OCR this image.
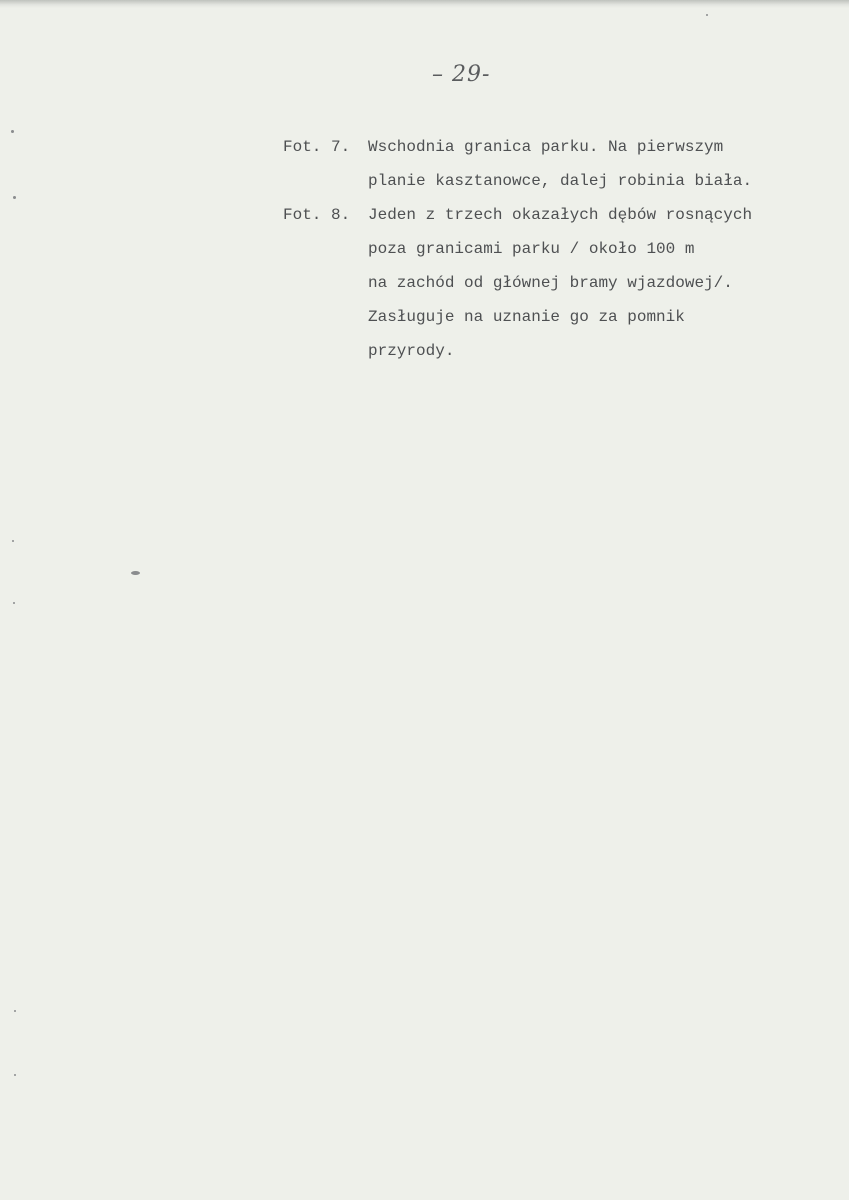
– 29-
Fot. 7.	Wschodnia granica parku. Na pierwszym
planie kasztanowce, dalej robinia biała.
Fot. 8.	Jeden z trzech okazałych dębów rosnących
poza granicami parku / około 100 m
na zachód od głównej bramy wjazdowej/.
Zasługuje na uznanie go za pomnik
przyrody.
